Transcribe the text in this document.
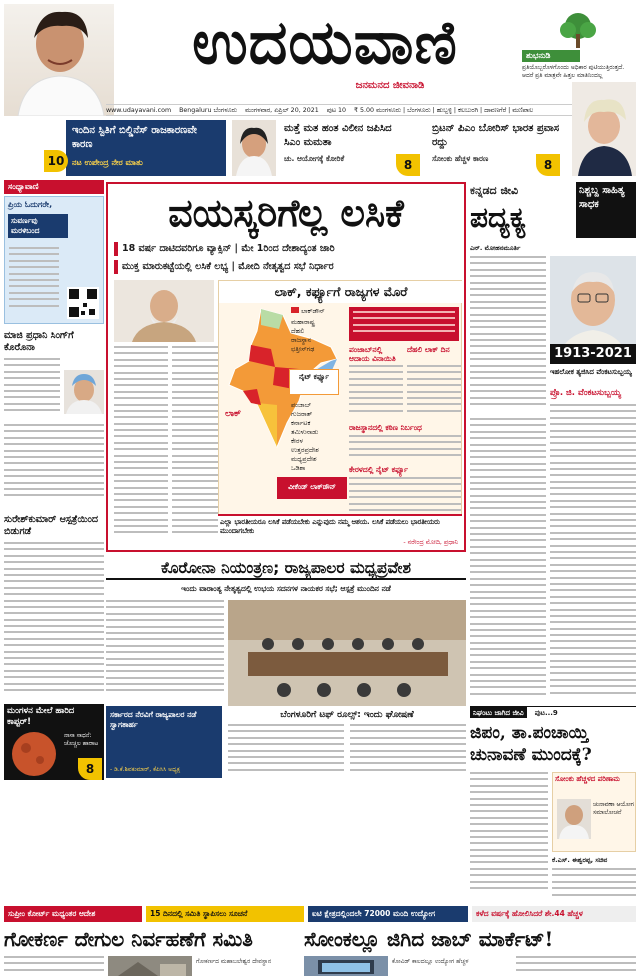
ಉದಯವಾಣಿ
ಜನಮನದ ಜೀವನಾಡಿ
ಶುಭನುಡಿ
ಪ್ರತಿಯೊಬ್ಬರೊಳಗೊಂದು ಅಧಿಕಾರ ಪುಟಿಯುತ್ತಿರುತ್ತದೆ. ಆದರೆ ಪ್ರತಿ ಮಾತ್ರವೇ ಹಿತ್ತಲ ಮಾತಿನಿಂದಲ್ಲ
www.udayavani.com Bengaluru ಬೆಂಗಳೂರು ಮಂಗಳವಾರ, ಏಪ್ರಿಲ್ 20, 2021 ಪುಟ 10 ₹ 5.00 ಮಂಗಳೂರು | ಬೆಂಗಳೂರು | ಹುಬ್ಬಳ್ಳಿ | ಕಲಬುರಗಿ | ದಾವಣಗೆರೆ | ಮಣಿಪಾಲ
ಇಂದಿನ ಸ್ಟಿತಿಗೆ ಬಿಲ್ಡಿನೆಸ್ ರಾಜಕಾರಣವೇ ಕಾರಣ
ನಟ ಉಪೇಂದ್ರ ನೇರ ಮಾತು
10
ಮತ್ತೆ ಮತ ಹಂತ ವಿಲೀನ ಜಪಿಸಿದ ಸಿಎಂ ಮಮತಾ
ಚು. ಆಯೋಗಕ್ಕೆ ಕೋರಿಕೆ	8
ಬ್ರಿಟನ್ ಪಿಎಂ ಬೋರಿಸ್ ಭಾರತ ಪ್ರವಾಸ ರದ್ದು
ಸೋಂಕು ಹೆಚ್ಚಳ ಕಾರಣ	8
ಸಂಧ್ಯಾವಾಣಿ
ಪ್ರಿಯ ಓದುಗರೇ,
ಸುವರ್ಣವು ಮರಳಿಬಂದ
ಮಾಜಿ ಪ್ರಧಾನಿ ಸಿಂಗ್‌ಗೆ ಕೊರೊನಾ
ಸುರೇಶ್‌ಕುಮಾರ್ ಆಸ್ಪತ್ರೆಯಿಂದ ಬಿಡುಗಡೆ
ಮಂಗಳನ ಮೇಲೆ ಹಾರಿದ ಕಾಪ್ಟರ್!
ನಾಸಾ ಸಾಧನೆ: ಚೊಚ್ಚಲ ಹಾರಾಟ
8
ವಯಸ್ಕರಿಗೆಲ್ಲ ಲಸಿಕೆ
18 ವರ್ಷ ದಾಟಿದವರಿಗೂ ವ್ಯಾಕ್ಸಿನ್ | ಮೇ 1ರಿಂದ ದೇಶಾದ್ಯಂತ ಜಾರಿ
ಮುಕ್ತ ಮಾರುಕಟ್ಟೆಯಲ್ಲಿ ಲಸಿಕೆ ಲಭ್ಯ | ಮೋದಿ ನೇತೃತ್ವದ ಸಭೆ ನಿರ್ಧಾರ
ಲಾಕ್, ಕರ್ಫ್ಯೂಗೆ ರಾಜ್ಯಗಳ ಮೊರೆ
ಲಾಕ್
ಲಾಕ್‌ಡೌನ್
ಮಹಾರಾಷ್ಟ್ರ
ದೆಹಲಿ
ರಾಜಸ್ಥಾನ
ಛತ್ತೀಸ್‌ಗಢ
ನೈಟ್ ಕರ್ಫ್ಯೂ
ಪಂಜಾಬ್
ಗುಜರಾತ್
ಕರ್ನಾಟಕ
ತಮಿಳುನಾಡು
ಕೇರಳ
ಉತ್ತರಪ್ರದೇಶ
ಮಧ್ಯಪ್ರದೇಶ
ಒಡಿಶಾ
ವೀಕೆಂಡ್ ಲಾಕ್‌ಡೌನ್
ಪಂಜಾಬ್‌ನಲ್ಲಿ ಆದಾಯ ವಿನಾಯಿತಿ
ದೆಹಲಿ ಲಾಕ್ ದಿನ
ರಾಜಸ್ಥಾನದಲ್ಲಿ ಕಠಿಣ ನಿರ್ಬಂಧ
ಕೇರಳದಲ್ಲಿ ನೈಟ್ ಕರ್ಫ್ಯೂ
ಎಲ್ಲಾ ಭಾರತೀಯರೂ ಲಸಿಕೆ ಪಡೆಯಬೇಕು ಎನ್ನುವುದು ನಮ್ಮ ಆಶಯ. ಲಸಿಕೆ ಪಡೆಯಲು ಭಾರತೀಯರು ಮುಂದಾಗಬೇಕು
- ನರೇಂದ್ರ ಮೋದಿ, ಪ್ರಧಾನಿ
ಕನ್ನಡದ ಜೀವಿ
ಪದ್ಯಕ್ಯ
ನಿಶ್ಚಬ್ದ ಸಾಹಿತ್ಯ ಸಾಧಕ
ಎನ್. ಮೋಹನಮೂರ್ತಿ
1913-2021
ಇಹಲೋಕ ತ್ಯಜಿಸಿದ ವೆಂಕಟಸುಬ್ಬಯ್ಯ
ಪ್ರೊ. ಜಿ. ವೆಂಕಟಸುಬ್ಬಯ್ಯ
ನಿಘಂಟು ಜಾಗಿದ ಜೀವಿ	ಪುಟ...9
ಕೊರೋನಾ ನಿಯಂತ್ರಣ; ರಾಜ್ಯಪಾಲರ ಮಧ್ಯಪ್ರವೇಶ
ಇಂದು ವಾರಾಂತ್ಯ ನೇತೃತ್ವದಲ್ಲಿ ಉಭಯ ಸದನಗಳ ನಾಯಕರ ಸಭೆ; ಆಸ್ಪತ್ರೆ ಮುಂದಿನ ನಡೆ
ಸರ್ಕಾರದ ನೆರವಿಗೆ ರಾಜ್ಯಪಾಲರ ನಡೆ ಸ್ವಾಗತಾರ್ಹ
- ಡಿ.ಕೆ.ಶಿವಕುಮಾರ್, ಕೆಪಿಸಿಸಿ ಅಧ್ಯಕ್ಷ
ಬೆಂಗಳೂರಿಗೆ ಟಫ್ ರೂಲ್ಸ್: ಇಂದು ಘೋಷಣೆ
ಜಿಪಂ, ತಾ.ಪಂಚಾಯ್ತಿ ಚುನಾವಣೆ ಮುಂದಕ್ಕೆ?
ಸೋಂಕು ಹೆಚ್ಚಳದ ಪರಿಣಾಮ
ಚುನಾವಣಾ ಆಯೋಗ ಸಮಾಲೋಚನೆ
ಕೆ.ಎಸ್. ಈಶ್ವರಪ್ಪ, ಸಚಿವ
ಸುಪ್ರೀಂ ಕೋರ್ಟ್ ಮಧ್ಯಂತರ ಆದೇಶ	15 ದಿನದಲ್ಲಿ ಸಮಿತಿ ಸ್ಥಾಪಿಸಲು ಸೂಚನೆ	ಐಟಿ ಕ್ಷೇತ್ರದಲ್ಲಿಂದಲೇ 72000 ಮಂದಿ ಉದ್ಯೋಗ	ಕಳೆದ ವರ್ಷಕ್ಕೆ ಹೋಲಿಸಿದರೆ ಶೇ.44 ಹೆಚ್ಚಳ
ಗೋಕರ್ಣ ದೇಗುಲ ನಿರ್ವಹಣೆಗೆ ಸಮಿತಿ	ಸೋಂಕಲ್ಲೂ ಜಿಗಿದ ಜಾಬ್ ಮಾರ್ಕೆಟ್!
ಗೋಕರ್ಣದ ಮಹಾಬಲೇಶ್ವರ ದೇವಸ್ಥಾನ	ಕೋವಿಡ್ ಕಾಲದಲ್ಲೂ ಉದ್ಯೋಗ ಹೆಚ್ಚಳ
